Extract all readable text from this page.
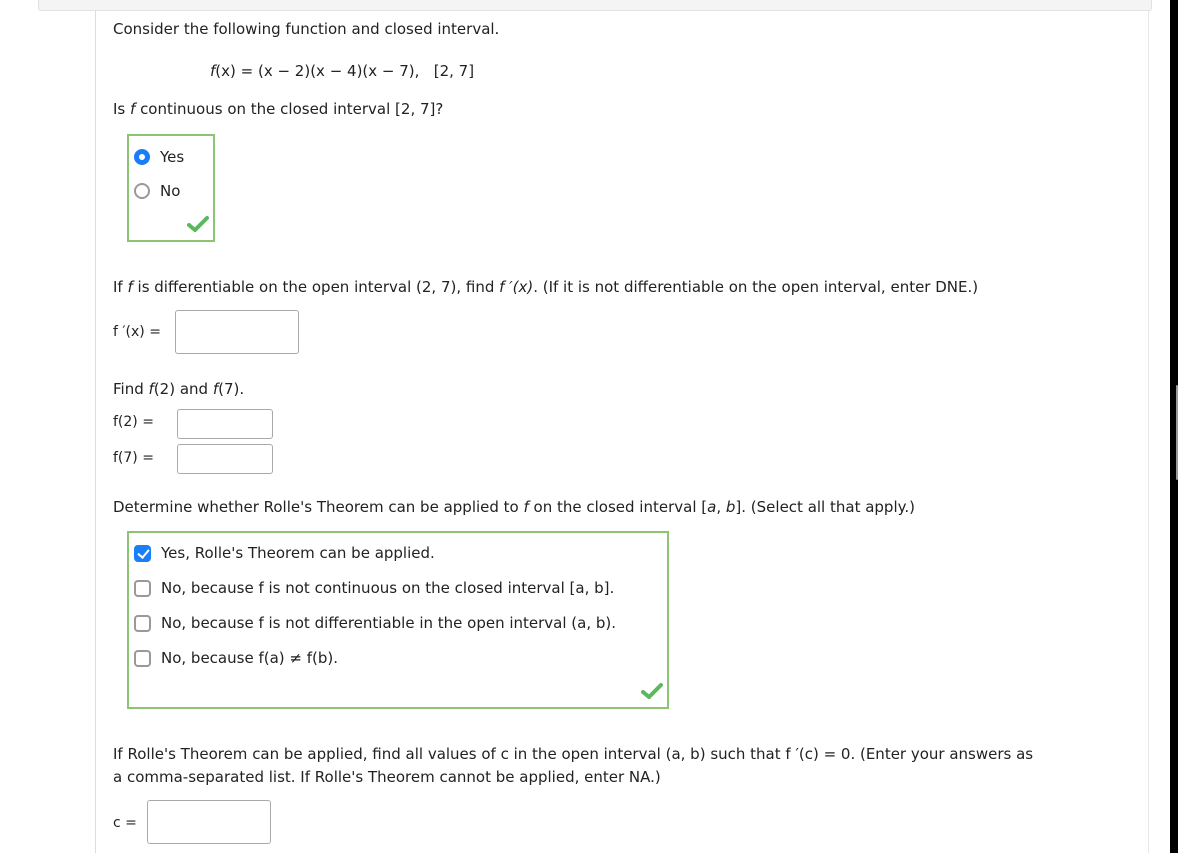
Consider the following function and closed interval.
f(x) = (x − 2)(x − 4)(x − 7), [2, 7]
Is f continuous on the closed interval [2, 7]?
Yes
No
If f is differentiable on the open interval (2, 7), find f ′(x). (If it is not differentiable on the open interval, enter DNE.)
f ′(x) =
Find f(2) and f(7).
f(2) =
f(7) =
Determine whether Rolle's Theorem can be applied to f on the closed interval [a, b]. (Select all that apply.)
Yes, Rolle's Theorem can be applied.
No, because f is not continuous on the closed interval [a, b].
No, because f is not differentiable in the open interval (a, b).
No, because f(a) ≠ f(b).
If Rolle's Theorem can be applied, find all values of c in the open interval (a, b) such that f ′(c) = 0. (Enter your answers as
a comma-separated list. If Rolle's Theorem cannot be applied, enter NA.)
c =
